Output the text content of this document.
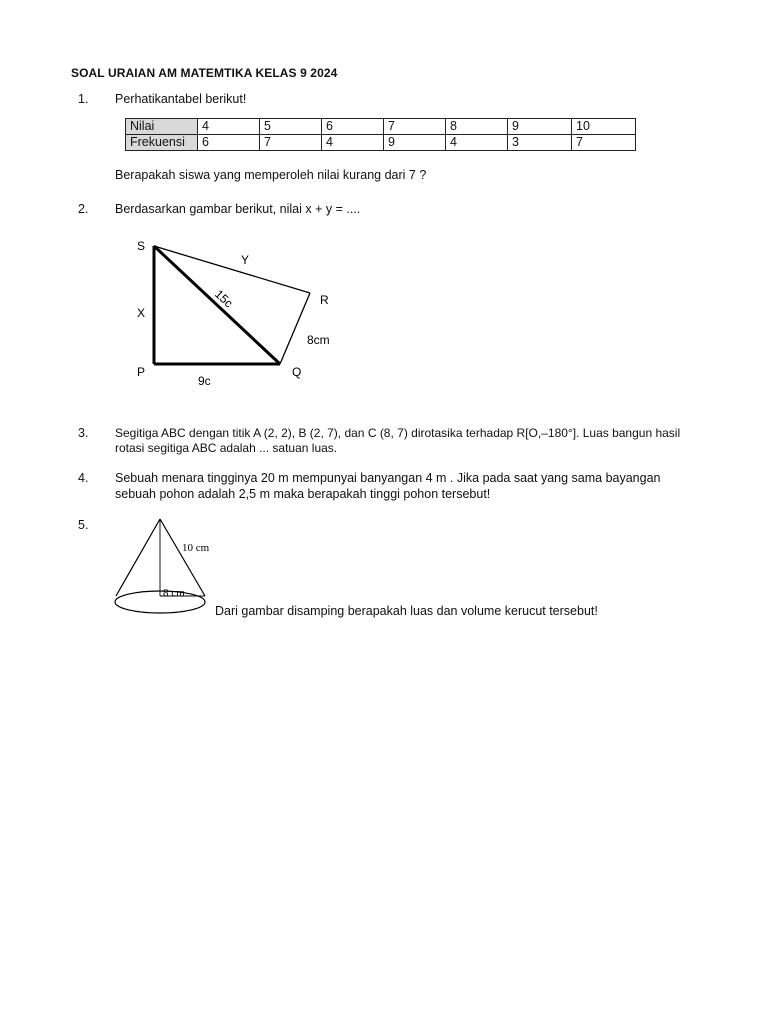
SOAL URAIAN AM MATEMTIKA KELAS 9 2024
1. Perhatikantabel berikut!
Nilai	4	5	6	7	8	9	10
Frekuensi	6	7	4	9	4	3	7
Berapakah siswa yang memperoleh nilai kurang dari 7 ?
2. Berdasarkan gambar berikut, nilai x + y = ....
S
P	Q
R
X
Y
15c
9c
8cm
3. Segitiga ABC dengan titik A (2, 2), B (2, 7), dan C (8, 7) dirotasika terhadap R[O,–180°]. Luas bangun hasil
rotasi segitiga ABC adalah ... satuan luas.
4. Sebuah menara tingginya 20 m mempunyai banyangan 4 m . Jika pada saat yang sama bayangan
sebuah pohon adalah 2,5 m maka berapakah tinggi pohon tersebut!
5.
10 cm
8 cm
Dari gambar disamping berapakah luas dan volume kerucut tersebut!
